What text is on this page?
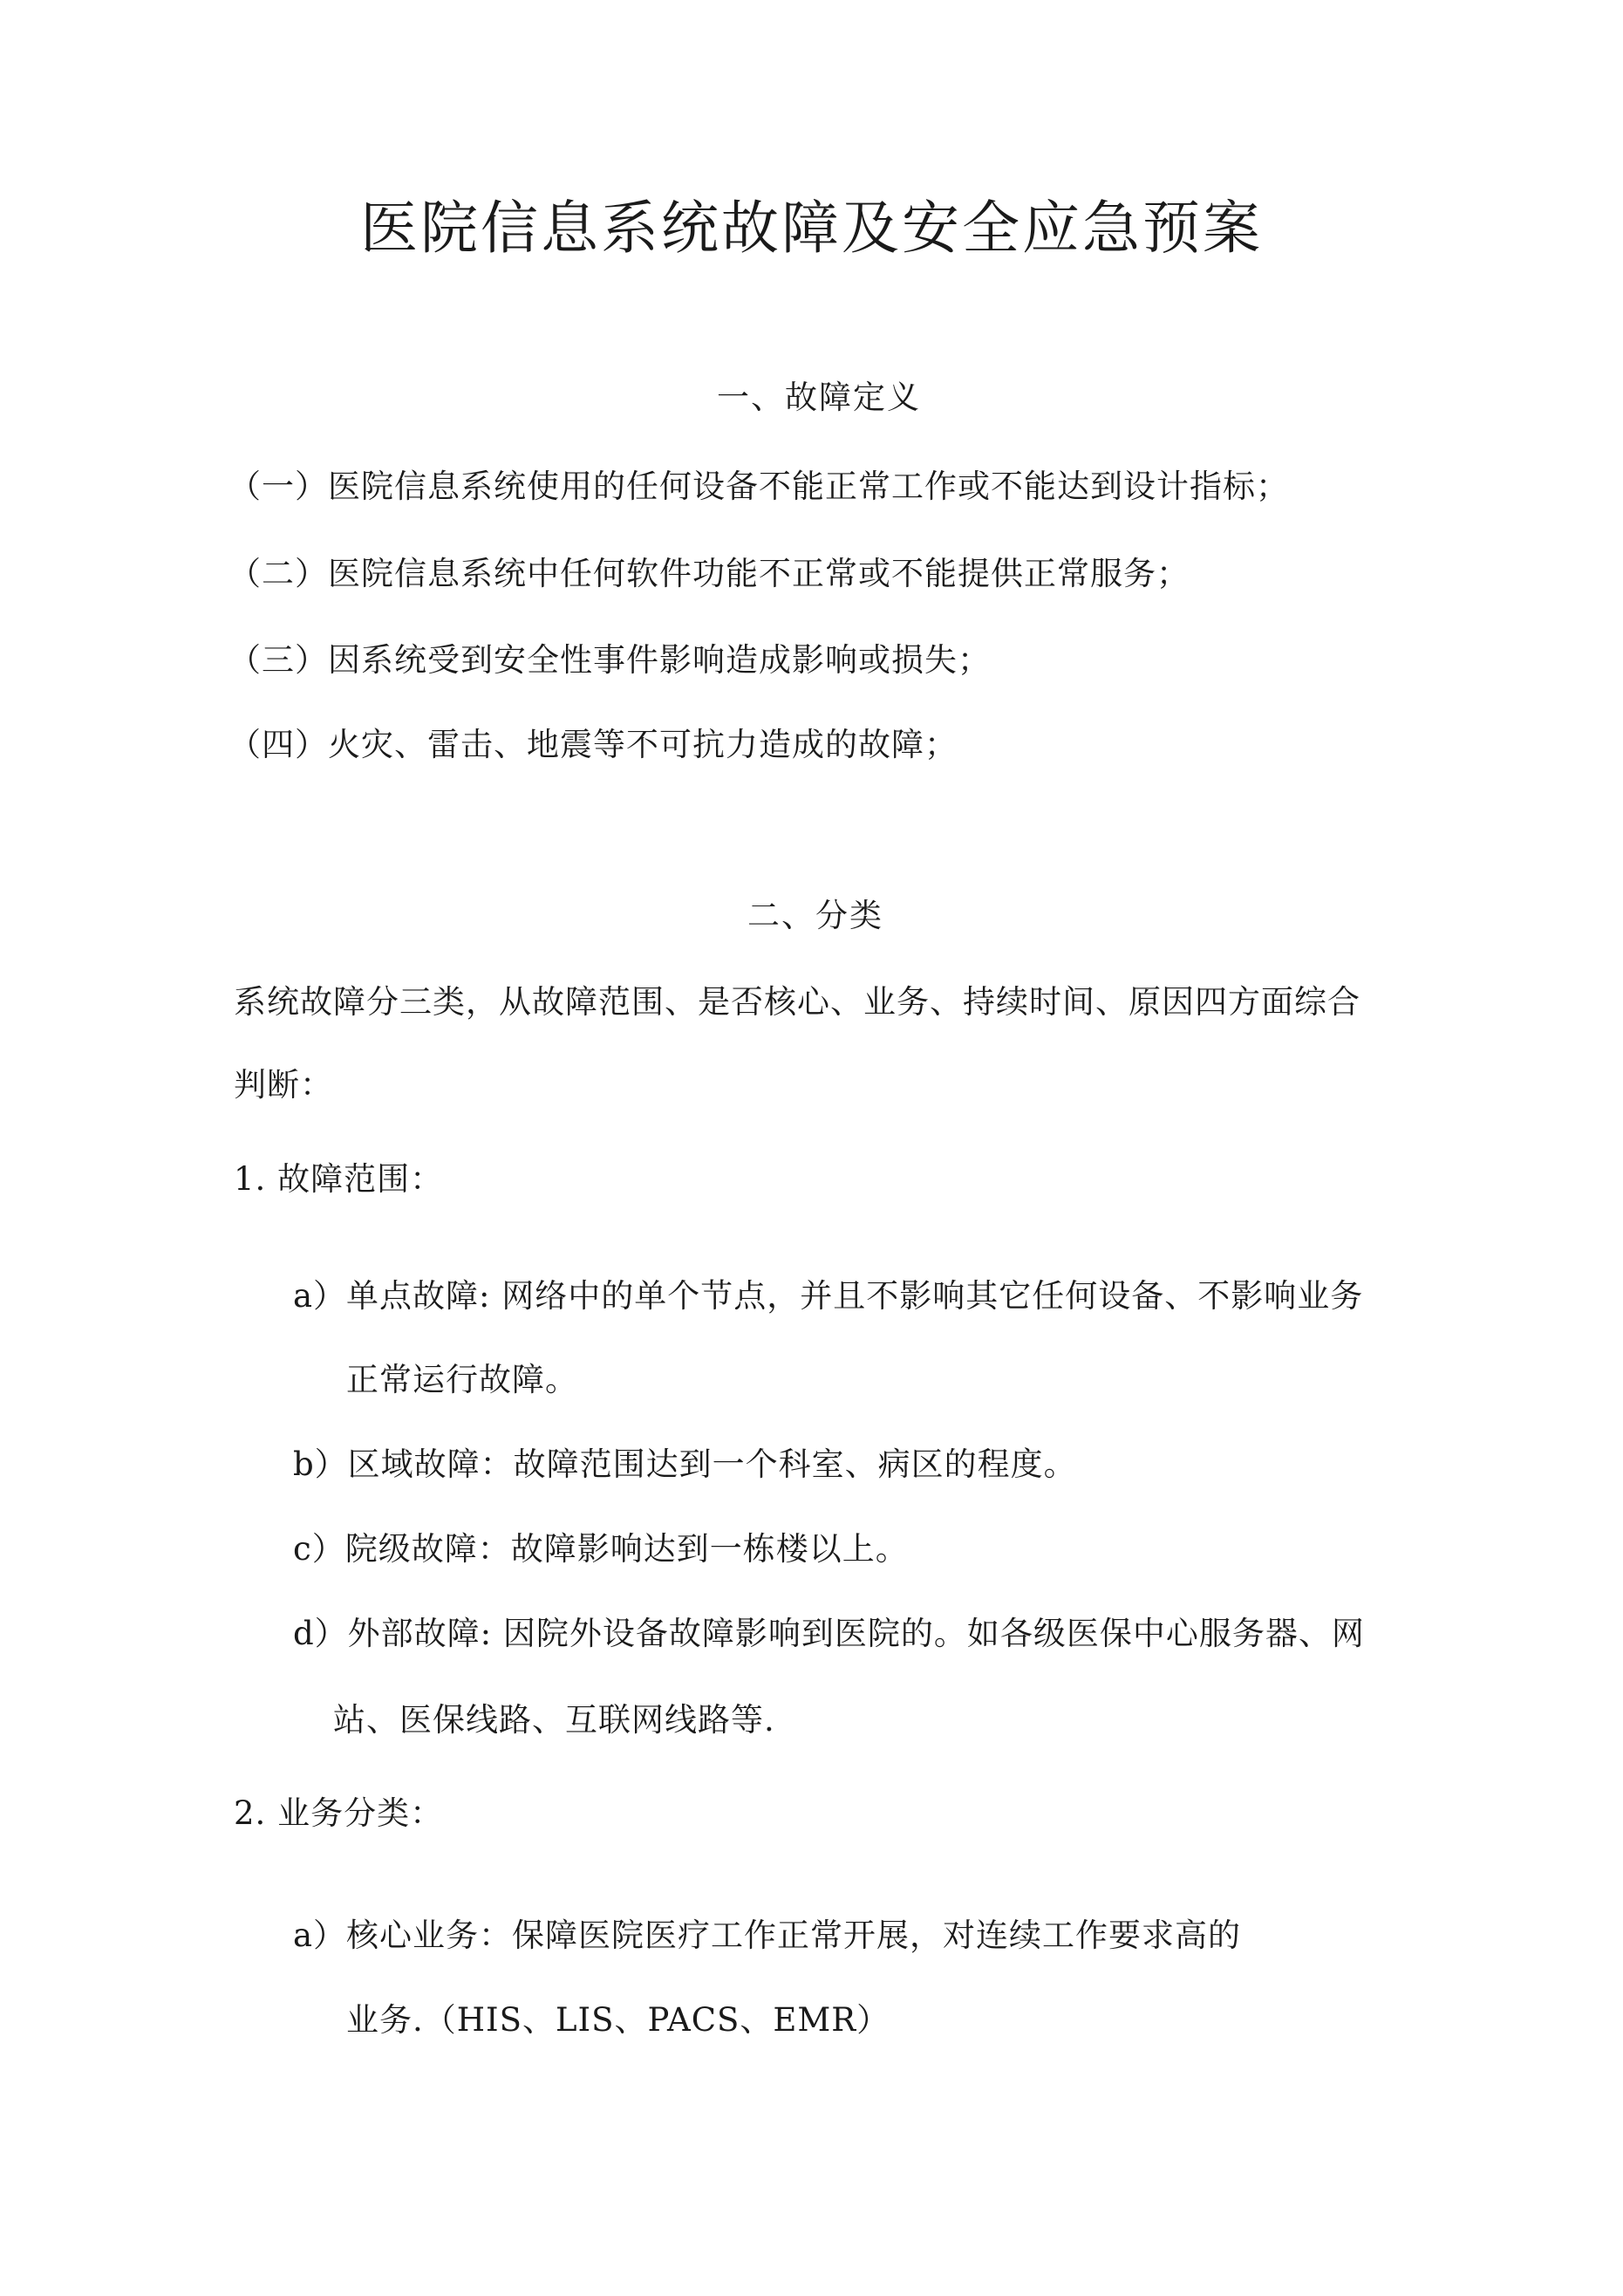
医院信息系统故障及安全应急预案
一、故障定义
（一）医院信息系统使用的任何设备不能正常工作或不能达到设计指标；
（二）医院信息系统中任何软件功能不正常或不能提供正常服务；
（三）因系统受到安全性事件影响造成影响或损失；
（四）火灾、雷击、地震等不可抗力造成的故障；
二、分类
系统故障分三类，从故障范围、是否核心、业务、持续时间、原因四方面综合
判断：
1. 故障范围：
a）单点故障: 网络中的单个节点，并且不影响其它任何设备、不影响业务
正常运行故障。
b）区域故障：故障范围达到一个科室、病区的程度。
c）院级故障：故障影响达到一栋楼以上。
d）外部故障: 因院外设备故障影响到医院的。如各级医保中心服务器、网
站、医保线路、互联网线路等.
2. 业务分类：
a）核心业务：保障医院医疗工作正常开展，对连续工作要求高的
业务.（HIS、LIS、PACS、EMR）
